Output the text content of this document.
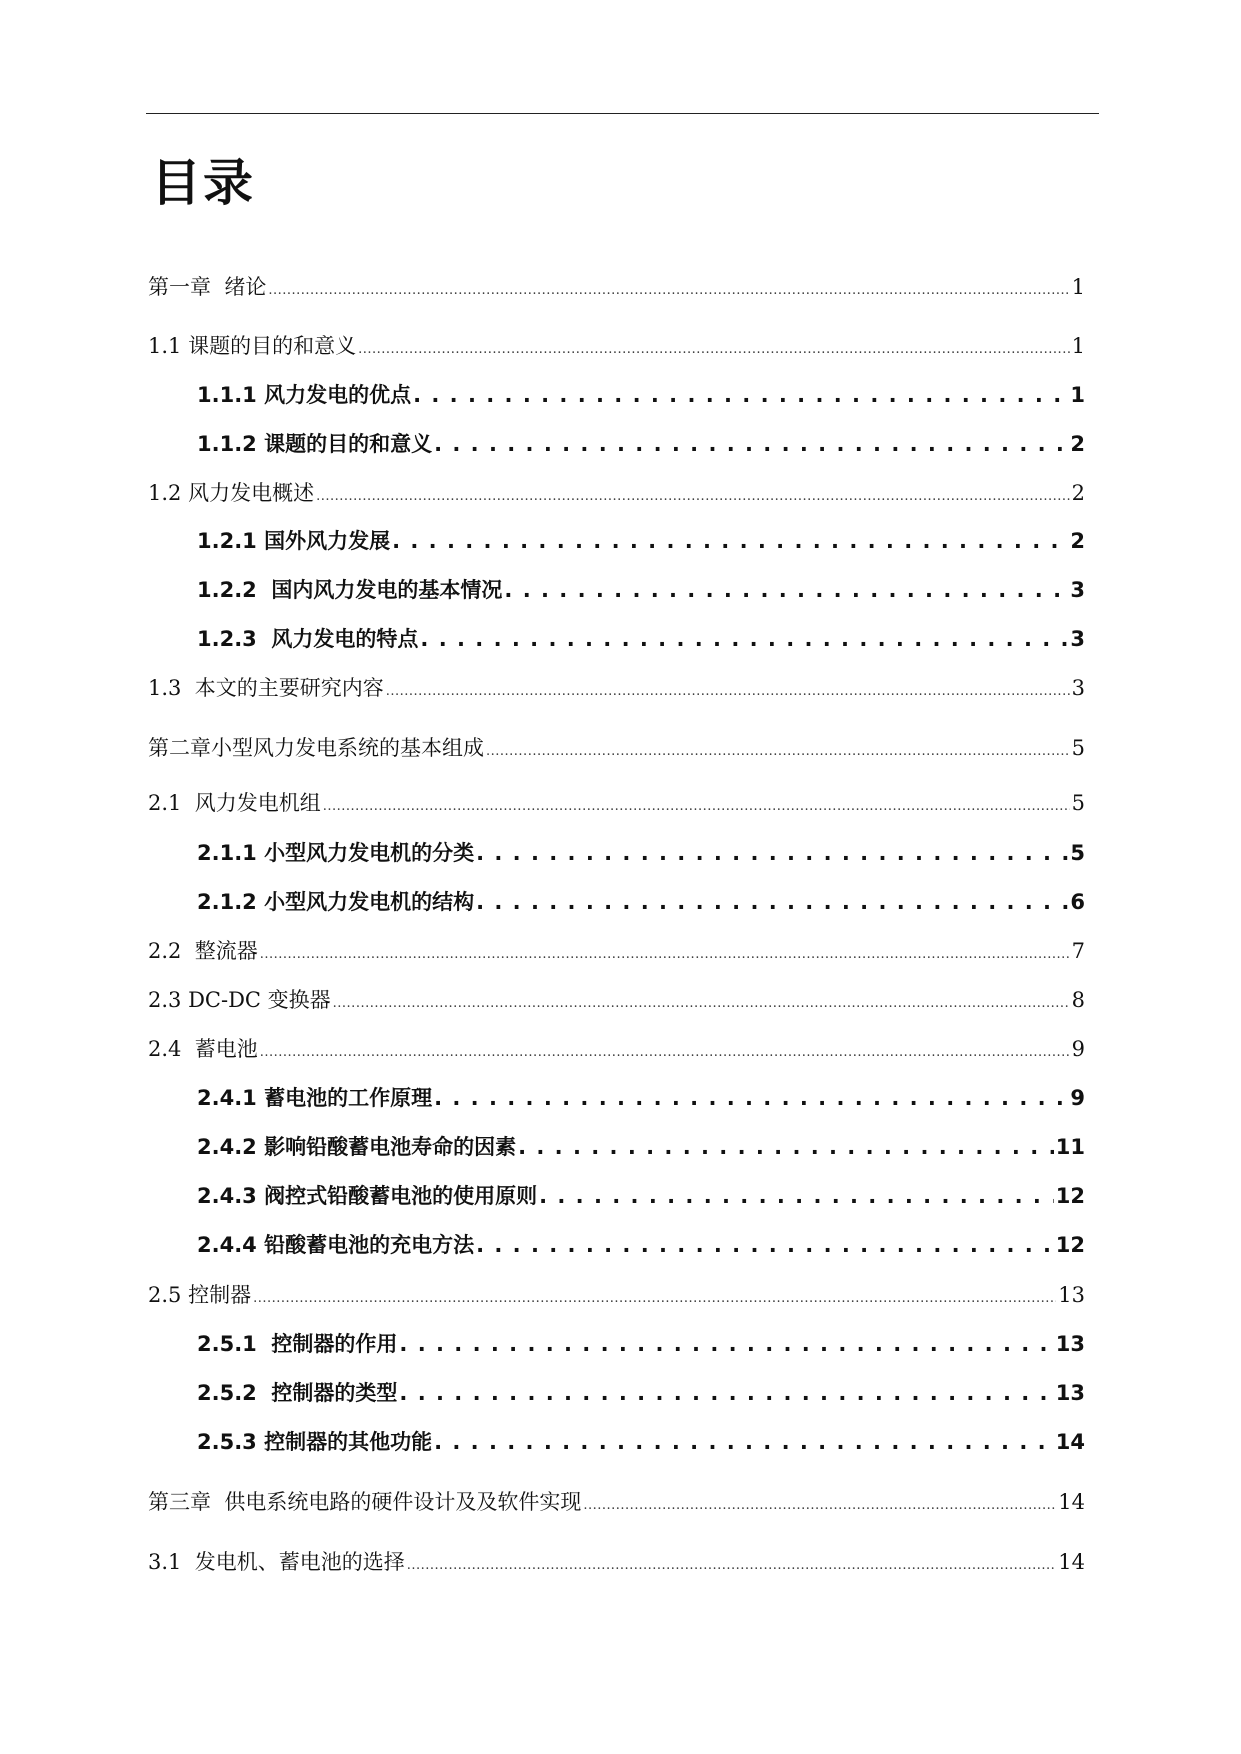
目录
第一章  绪论 .....	1
1.1 课题的目的和意义 .....	1
1.1.1 风力发电的优点 . . .	1
1.1.2 课题的目的和意义 . . .	2
1.2 风力发电概述 .....	2
1.2.1 国外风力发展 . . .	2
1.2.2  国内风力发电的基本情况 . . .	3
1.2.3  风力发电的特点 . . .	3
1.3  本文的主要研究内容 .....	3
第二章小型风力发电系统的基本组成 .....	5
2.1  风力发电机组 .....	5
2.1.1 小型风力发电机的分类 . . .	5
2.1.2 小型风力发电机的结构 . . .	6
2.2  整流器 .....	7
2.3 DC-DC 变换器 .....	8
2.4  蓄电池 .....	9
2.4.1 蓄电池的工作原理 . . .	9
2.4.2 影响铅酸蓄电池寿命的因素 . . .	11
2.4.3 阀控式铅酸蓄电池的使用原则 . . .	12
2.4.4 铅酸蓄电池的充电方法 . . .	12
2.5 控制器 .....	13
2.5.1  控制器的作用 . . .	13
2.5.2  控制器的类型 . . .	13
2.5.3 控制器的其他功能 . . .	14
第三章  供电系统电路的硬件设计及及软件实现 .....	14
3.1  发电机、蓄电池的选择 .....	14
